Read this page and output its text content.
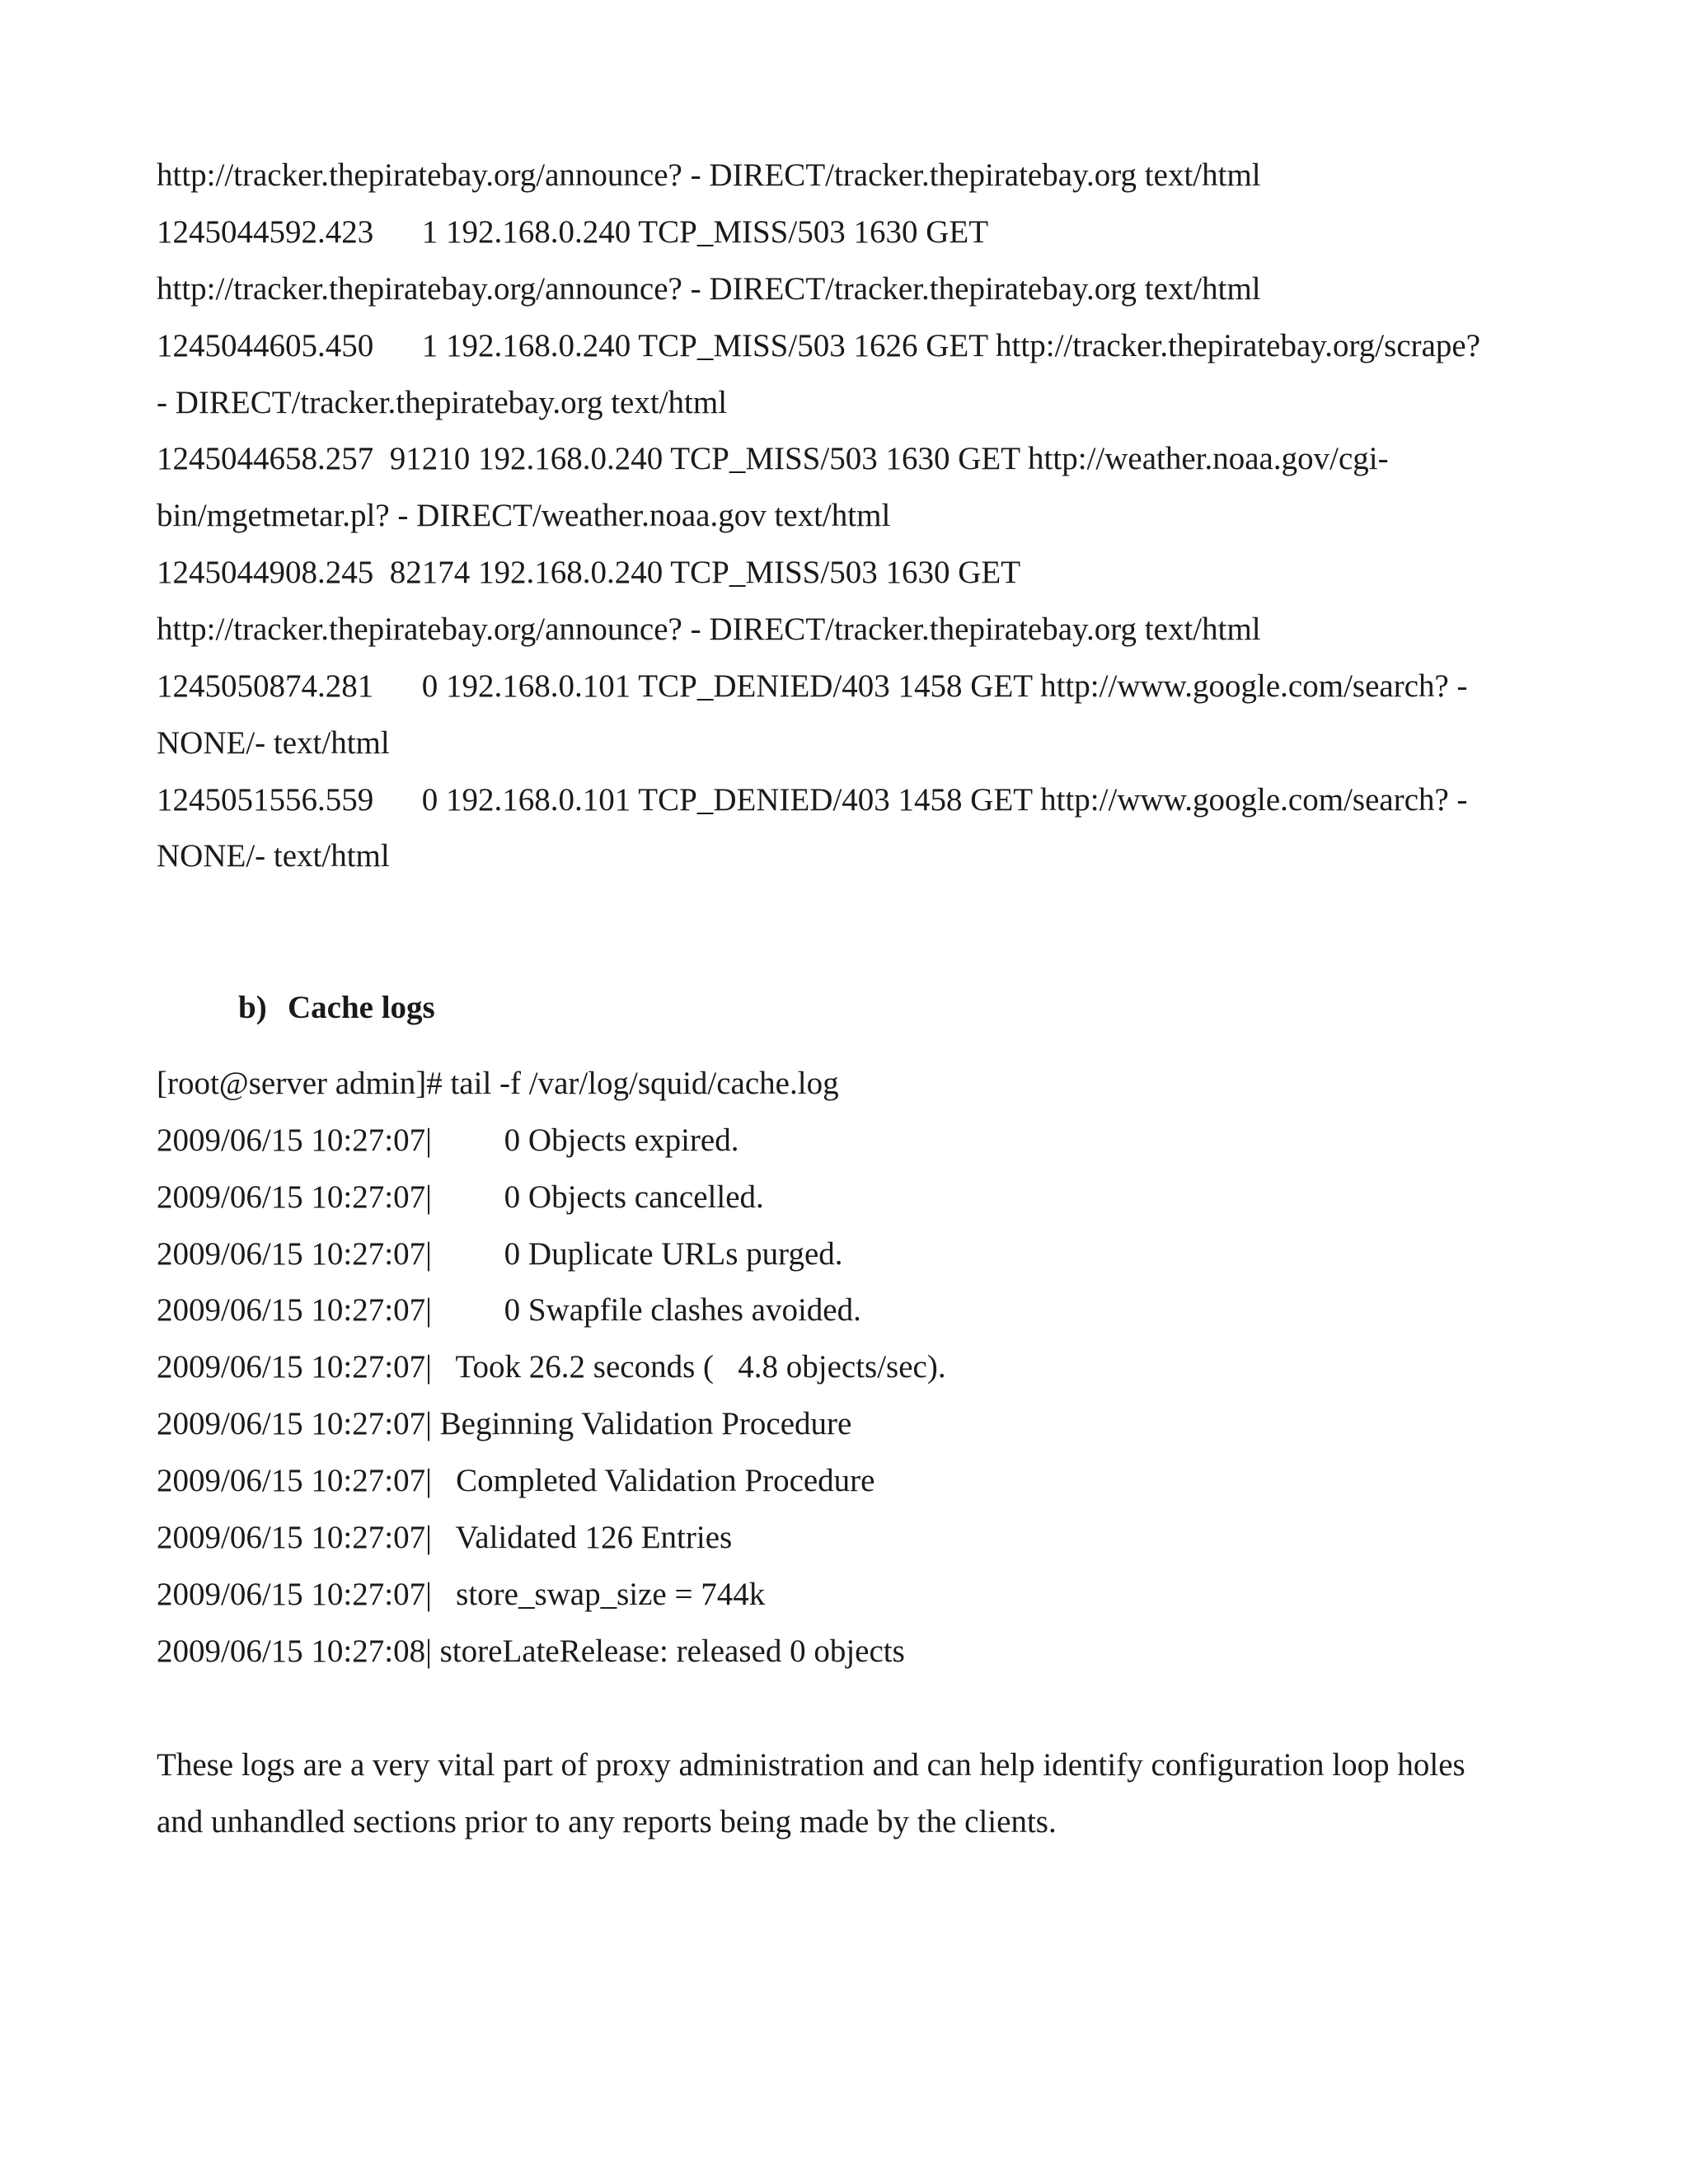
http://tracker.thepiratebay.org/announce? - DIRECT/tracker.thepiratebay.org text/html
1245044592.423      1 192.168.0.240 TCP_MISS/503 1630 GET
http://tracker.thepiratebay.org/announce? - DIRECT/tracker.thepiratebay.org text/html
1245044605.450      1 192.168.0.240 TCP_MISS/503 1626 GET http://tracker.thepiratebay.org/scrape?
- DIRECT/tracker.thepiratebay.org text/html
1245044658.257  91210 192.168.0.240 TCP_MISS/503 1630 GET http://weather.noaa.gov/cgi-
bin/mgetmetar.pl? - DIRECT/weather.noaa.gov text/html
1245044908.245  82174 192.168.0.240 TCP_MISS/503 1630 GET
http://tracker.thepiratebay.org/announce? - DIRECT/tracker.thepiratebay.org text/html
1245050874.281      0 192.168.0.101 TCP_DENIED/403 1458 GET http://www.google.com/search? -
NONE/- text/html
1245051556.559      0 192.168.0.101 TCP_DENIED/403 1458 GET http://www.google.com/search? -
NONE/- text/html

b) Cache logs

[root@server admin]# tail -f /var/log/squid/cache.log
2009/06/15 10:27:07|         0 Objects expired.
2009/06/15 10:27:07|         0 Objects cancelled.
2009/06/15 10:27:07|         0 Duplicate URLs purged.
2009/06/15 10:27:07|         0 Swapfile clashes avoided.
2009/06/15 10:27:07|   Took 26.2 seconds (   4.8 objects/sec).
2009/06/15 10:27:07| Beginning Validation Procedure
2009/06/15 10:27:07|   Completed Validation Procedure
2009/06/15 10:27:07|   Validated 126 Entries
2009/06/15 10:27:07|   store_swap_size = 744k
2009/06/15 10:27:08| storeLateRelease: released 0 objects
These logs are a very vital part of proxy administration and can help identify configuration loop holes
and unhandled sections prior to any reports being made by the clients.
